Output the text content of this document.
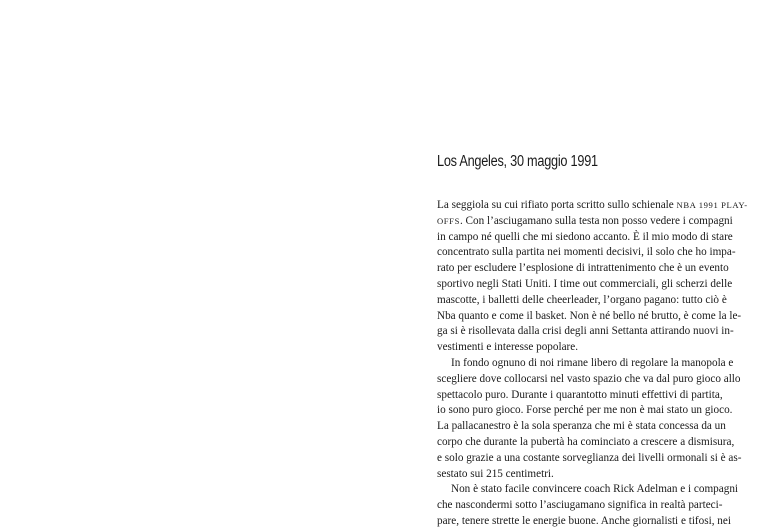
Los Angeles, 30 maggio 1991
La seggiola su cui rifiato porta scritto sullo schienale NBA 1991 PLAY-
OFFS. Con l’asciugamano sulla testa non posso vedere i compagni
in campo né quelli che mi siedono accanto. È il mio modo di stare
concentrato sulla partita nei momenti decisivi, il solo che ho impa-
rato per escludere l’esplosione di intrattenimento che è un evento
sportivo negli Stati Uniti. I time out commerciali, gli scherzi delle
mascotte, i balletti delle cheerleader, l’organo pagano: tutto ciò è
Nba quanto e come il basket. Non è né bello né brutto, è come la le-
ga si è risollevata dalla crisi degli anni Settanta attirando nuovi in-
vestimenti e interesse popolare.
In fondo ognuno di noi rimane libero di regolare la manopola e
scegliere dove collocarsi nel vasto spazio che va dal puro gioco allo
spettacolo puro. Durante i quarantotto minuti effettivi di partita,
io sono puro gioco. Forse perché per me non è mai stato un gioco.
La pallacanestro è la sola speranza che mi è stata concessa da un
corpo che durante la pubertà ha cominciato a crescere a dismisura,
e solo grazie a una costante sorveglianza dei livelli ormonali si è as-
sestato sui 215 centimetri.
Non è stato facile convincere coach Rick Adelman e i compagni
che nascondermi sotto l’asciugamano significa in realtà parteci-
pare, tenere strette le energie buone. Anche giornalisti e tifosi, nei
